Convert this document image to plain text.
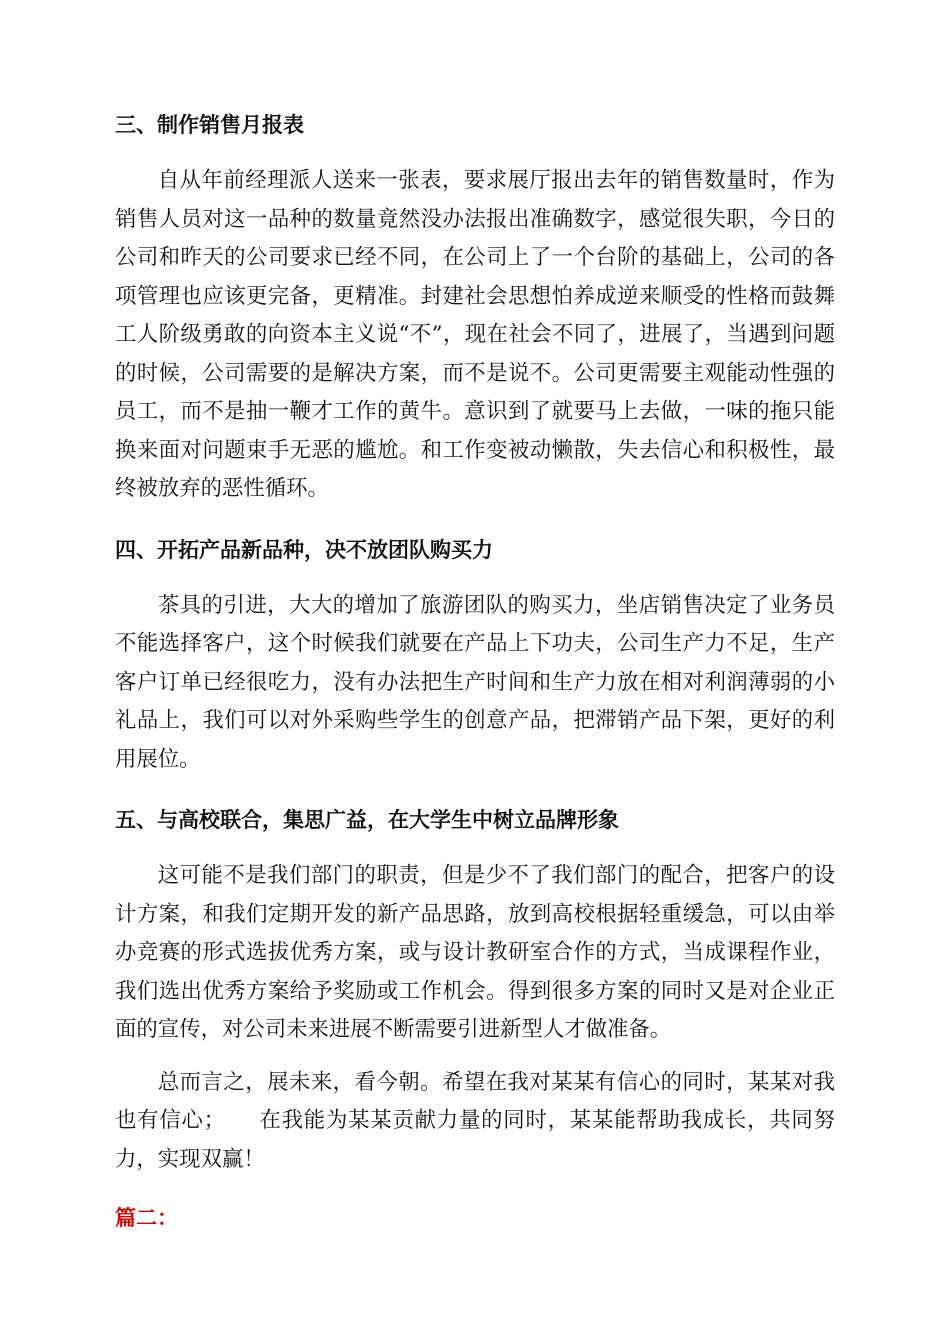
三、制作销售月报表

自从年前经理派人送来一张表，要求展厅报出去年的销售数量时，作为销售人员对这一品种的数量竟然没办法报出准确数字，感觉很失职，今日的公司和昨天的公司要求已经不同，在公司上了一个台阶的基础上，公司的各项管理也应该更完备，更精准。封建社会思想怕养成逆来顺受的性格而鼓舞工人阶级勇敢的向资本主义说“不”，现在社会不同了，进展了，当遇到问题的时候，公司需要的是解决方案，而不是说不。公司更需要主观能动性强的员工，而不是抽一鞭才工作的黄牛。意识到了就要马上去做，一味的拖只能换来面对问题束手无恶的尴尬。和工作变被动懒散，失去信心和积极性，最终被放弃的恶性循环。

四、开拓产品新品种，决不放团队购买力

茶具的引进，大大的增加了旅游团队的购买力，坐店销售决定了业务员不能选择客户，这个时候我们就要在产品上下功夫，公司生产力不足，生产客户订单已经很吃力，没有办法把生产时间和生产力放在相对利润薄弱的小礼品上，我们可以对外采购些学生的创意产品，把滞销产品下架，更好的利用展位。

五、与高校联合，集思广益，在大学生中树立品牌形象

这可能不是我们部门的职责，但是少不了我们部门的配合，把客户的设计方案，和我们定期开发的新产品思路，放到高校根据轻重缓急，可以由举办竞赛的形式选拔优秀方案，或与设计教研室合作的方式，当成课程作业，我们选出优秀方案给予奖励或工作机会。得到很多方案的同时又是对企业正面的宣传，对公司未来进展不断需要引进新型人才做准备。

总而言之，展未来，看今朝。希望在我对某某有信心的同时，某某对我也有信心；　　在我能为某某贡献力量的同时，某某能帮助我成长，共同努力，实现双赢！

篇二：
